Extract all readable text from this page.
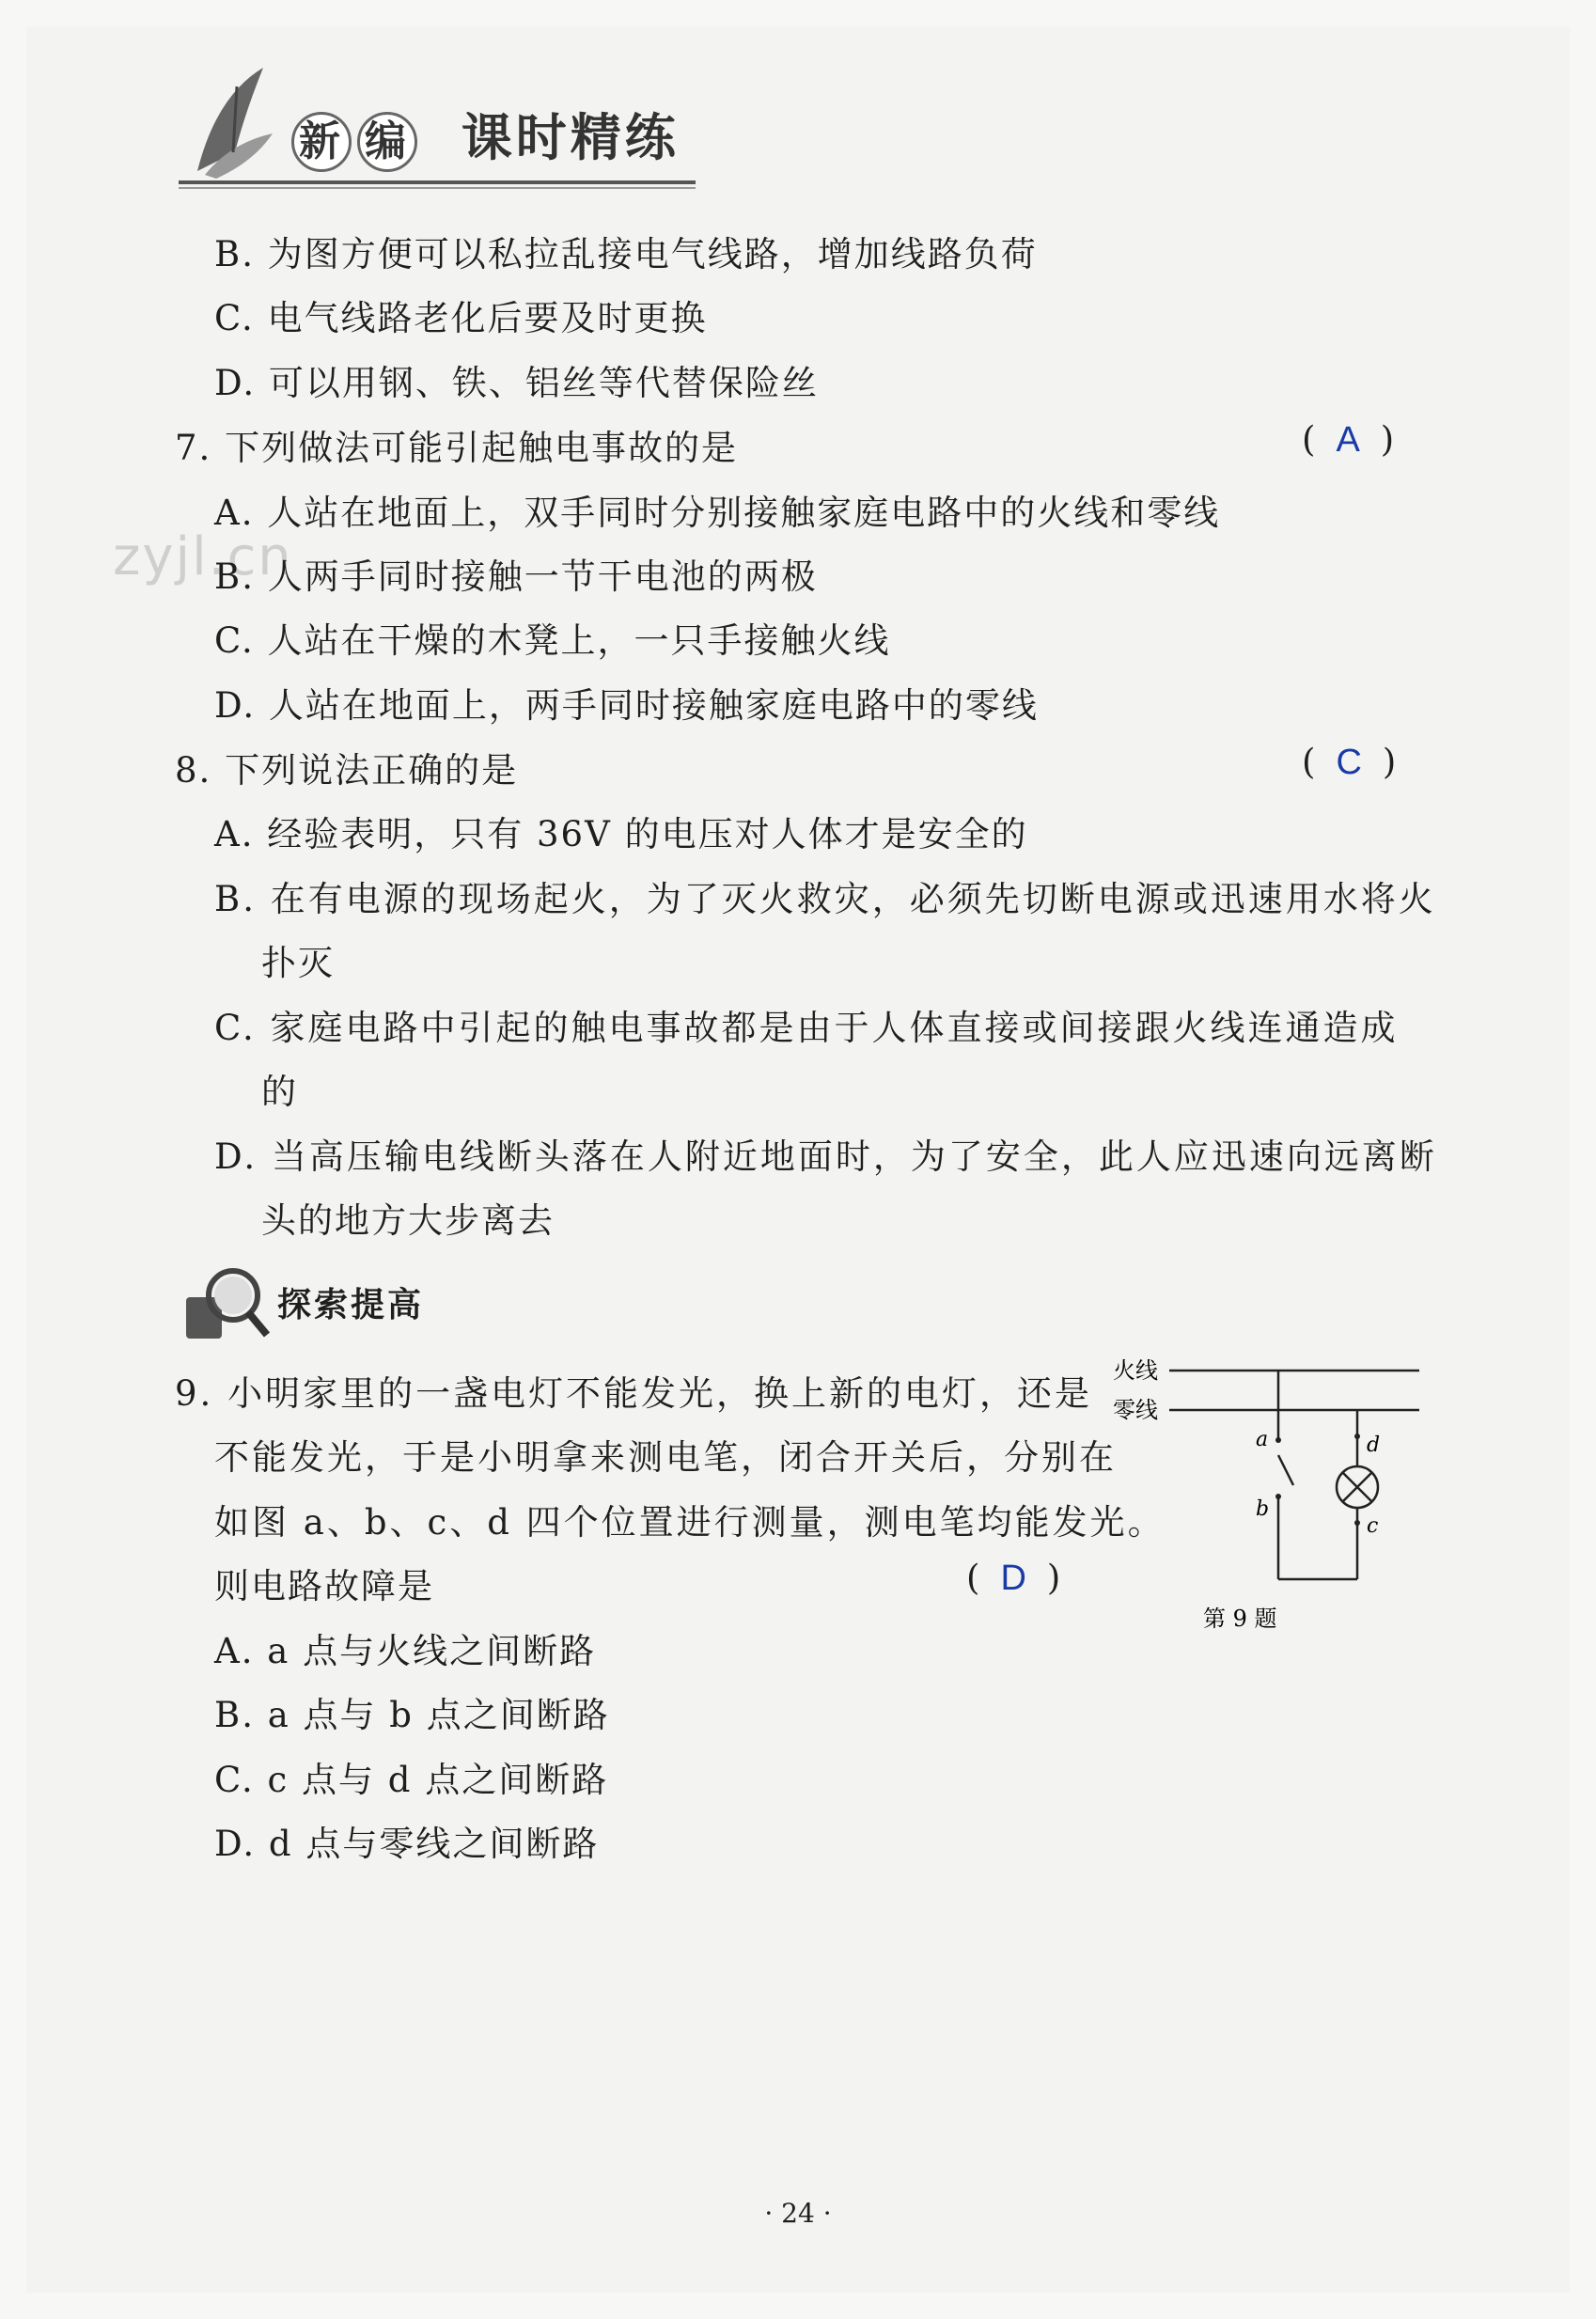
新 编 课时精练
zyjl.cn
B. 为图方便可以私拉乱接电气线路，增加线路负荷
C. 电气线路老化后要及时更换
D. 可以用钢、铁、铝丝等代替保险丝
7. 下列做法可能引起触电事故的是	( A )
A. 人站在地面上，双手同时分别接触家庭电路中的火线和零线
B. 人两手同时接触一节干电池的两极
C. 人站在干燥的木凳上，一只手接触火线
D. 人站在地面上，两手同时接触家庭电路中的零线
8. 下列说法正确的是	( C )
A. 经验表明，只有 36V 的电压对人体才是安全的
B. 在有电源的现场起火，为了灭火救灾，必须先切断电源或迅速用水将火
扑灭
C. 家庭电路中引起的触电事故都是由于人体直接或间接跟火线连通造成
的
D. 当高压输电线断头落在人附近地面时，为了安全，此人应迅速向远离断
头的地方大步离去
探索提高
9. 小明家里的一盏电灯不能发光，换上新的电灯，还是
不能发光，于是小明拿来测电笔，闭合开关后，分别在
如图 a、b、c、d 四个位置进行测量，测电笔均能发光。
则电路故障是	( D )
A. a 点与火线之间断路
B. a 点与 b 点之间断路
C. c 点与 d 点之间断路
D. d 点与零线之间断路
火线
零线
a
b
d
c
第 9 题
· 24 ·
